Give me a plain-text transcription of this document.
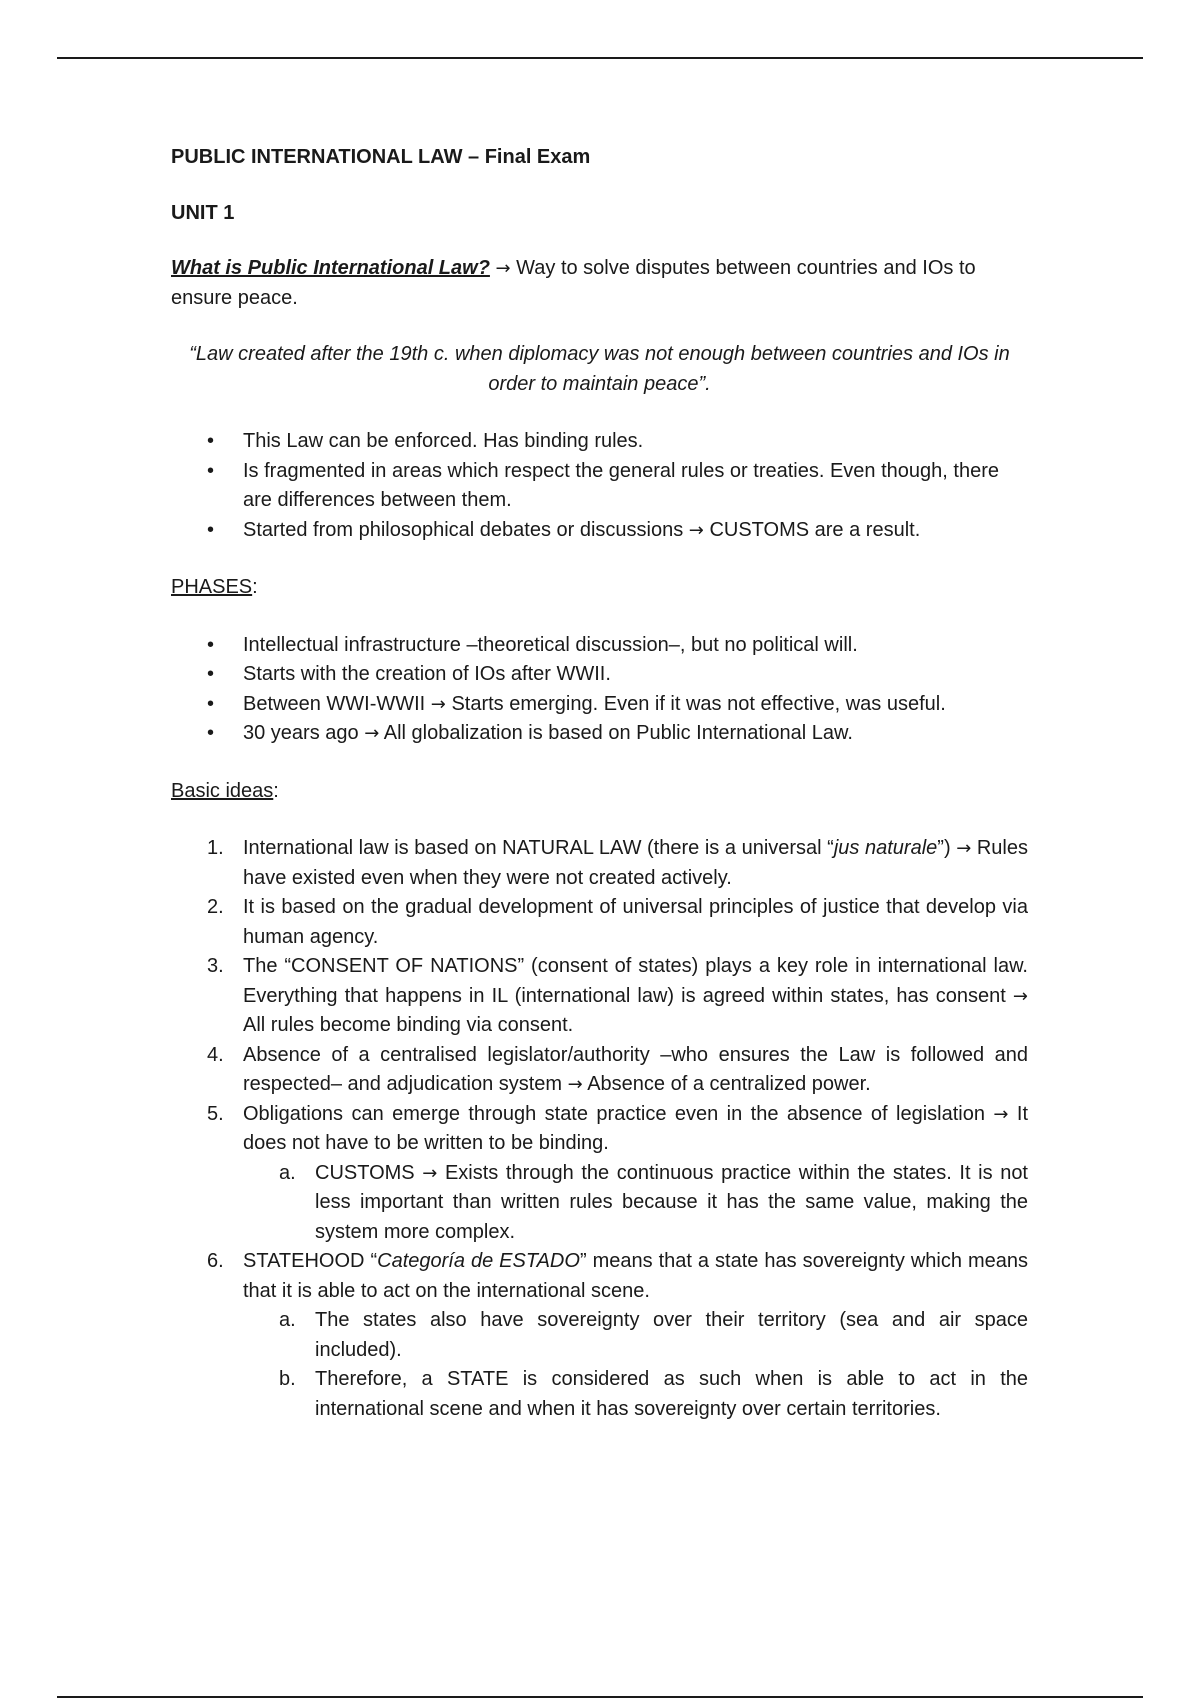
PUBLIC INTERNATIONAL LAW – Final Exam

UNIT 1

What is Public International Law? → Way to solve disputes between countries and IOs to ensure peace.

“Law created after the 19th c. when diplomacy was not enough between countries and IOs in order to maintain peace”.

• This Law can be enforced. Has binding rules.
• Is fragmented in areas which respect the general rules or treaties. Even though, there are differences between them.
• Started from philosophical debates or discussions → CUSTOMS are a result.

PHASES:

• Intellectual infrastructure –theoretical discussion–, but no political will.
• Starts with the creation of IOs after WWII.
• Between WWI-WWII → Starts emerging. Even if it was not effective, was useful.
• 30 years ago → All globalization is based on Public International Law.

Basic ideas:

1. International law is based on NATURAL LAW (there is a universal “jus naturale”) → Rules have existed even when they were not created actively.
2. It is based on the gradual development of universal principles of justice that develop via human agency.
3. The “CONSENT OF NATIONS” (consent of states) plays a key role in international law. Everything that happens in IL (international law) is agreed within states, has consent → All rules become binding via consent.
4. Absence of a centralised legislator/authority –who ensures the Law is followed and respected– and adjudication system → Absence of a centralized power.
5. Obligations can emerge through state practice even in the absence of legislation → It does not have to be written to be binding.
a. CUSTOMS → Exists through the continuous practice within the states. It is not less important than written rules because it has the same value, making the system more complex.
6. STATEHOOD “Categoría de ESTADO” means that a state has sovereignty which means that it is able to act on the international scene.
a. The states also have sovereignty over their territory (sea and air space included).
b. Therefore, a STATE is considered as such when is able to act in the international scene and when it has sovereignty over certain territories.
